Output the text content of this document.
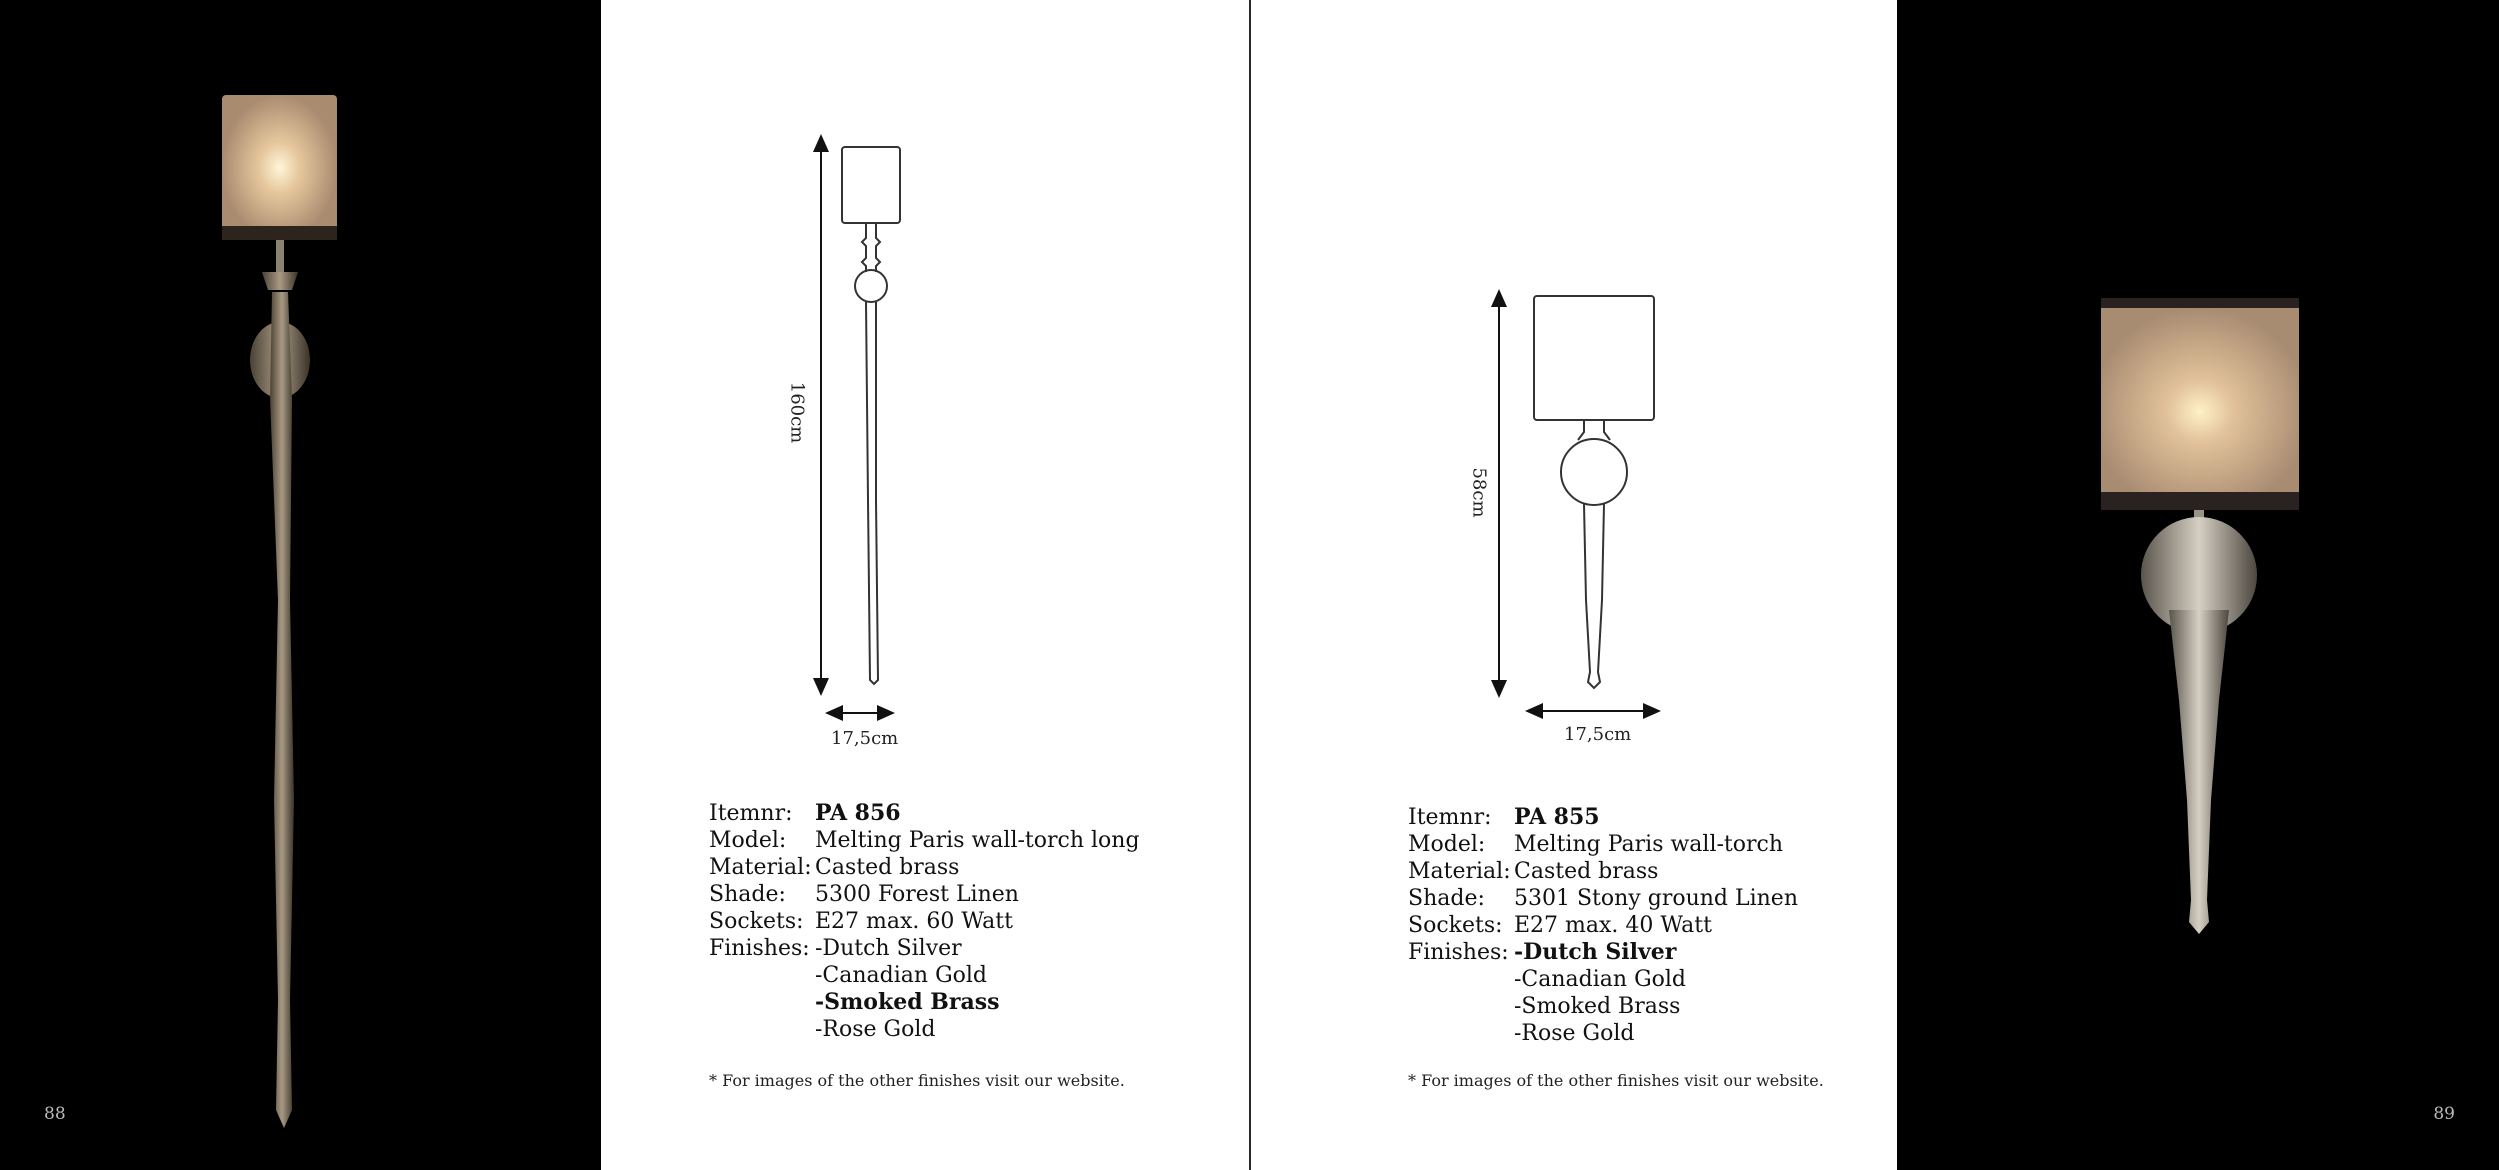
88
160cm
17,5cm
58cm
17,5cm
Itemnr:	PA 856
Model:	Melting Paris wall-torch long
Material: Casted brass
Shade:	5300 Forest Linen
Sockets: E27 max. 60 Watt
Finishes: -Dutch Silver
-Canadian Gold
-Smoked Brass
-Rose Gold
* For images of the other finishes visit our website.
Itemnr:	PA 855
Model:	Melting Paris wall-torch
Material: Casted brass
Shade:	5301 Stony ground Linen
Sockets: E27 max. 40 Watt
Finishes: -Dutch Silver
-Canadian Gold
-Smoked Brass
-Rose Gold
* For images of the other finishes visit our website.
89
